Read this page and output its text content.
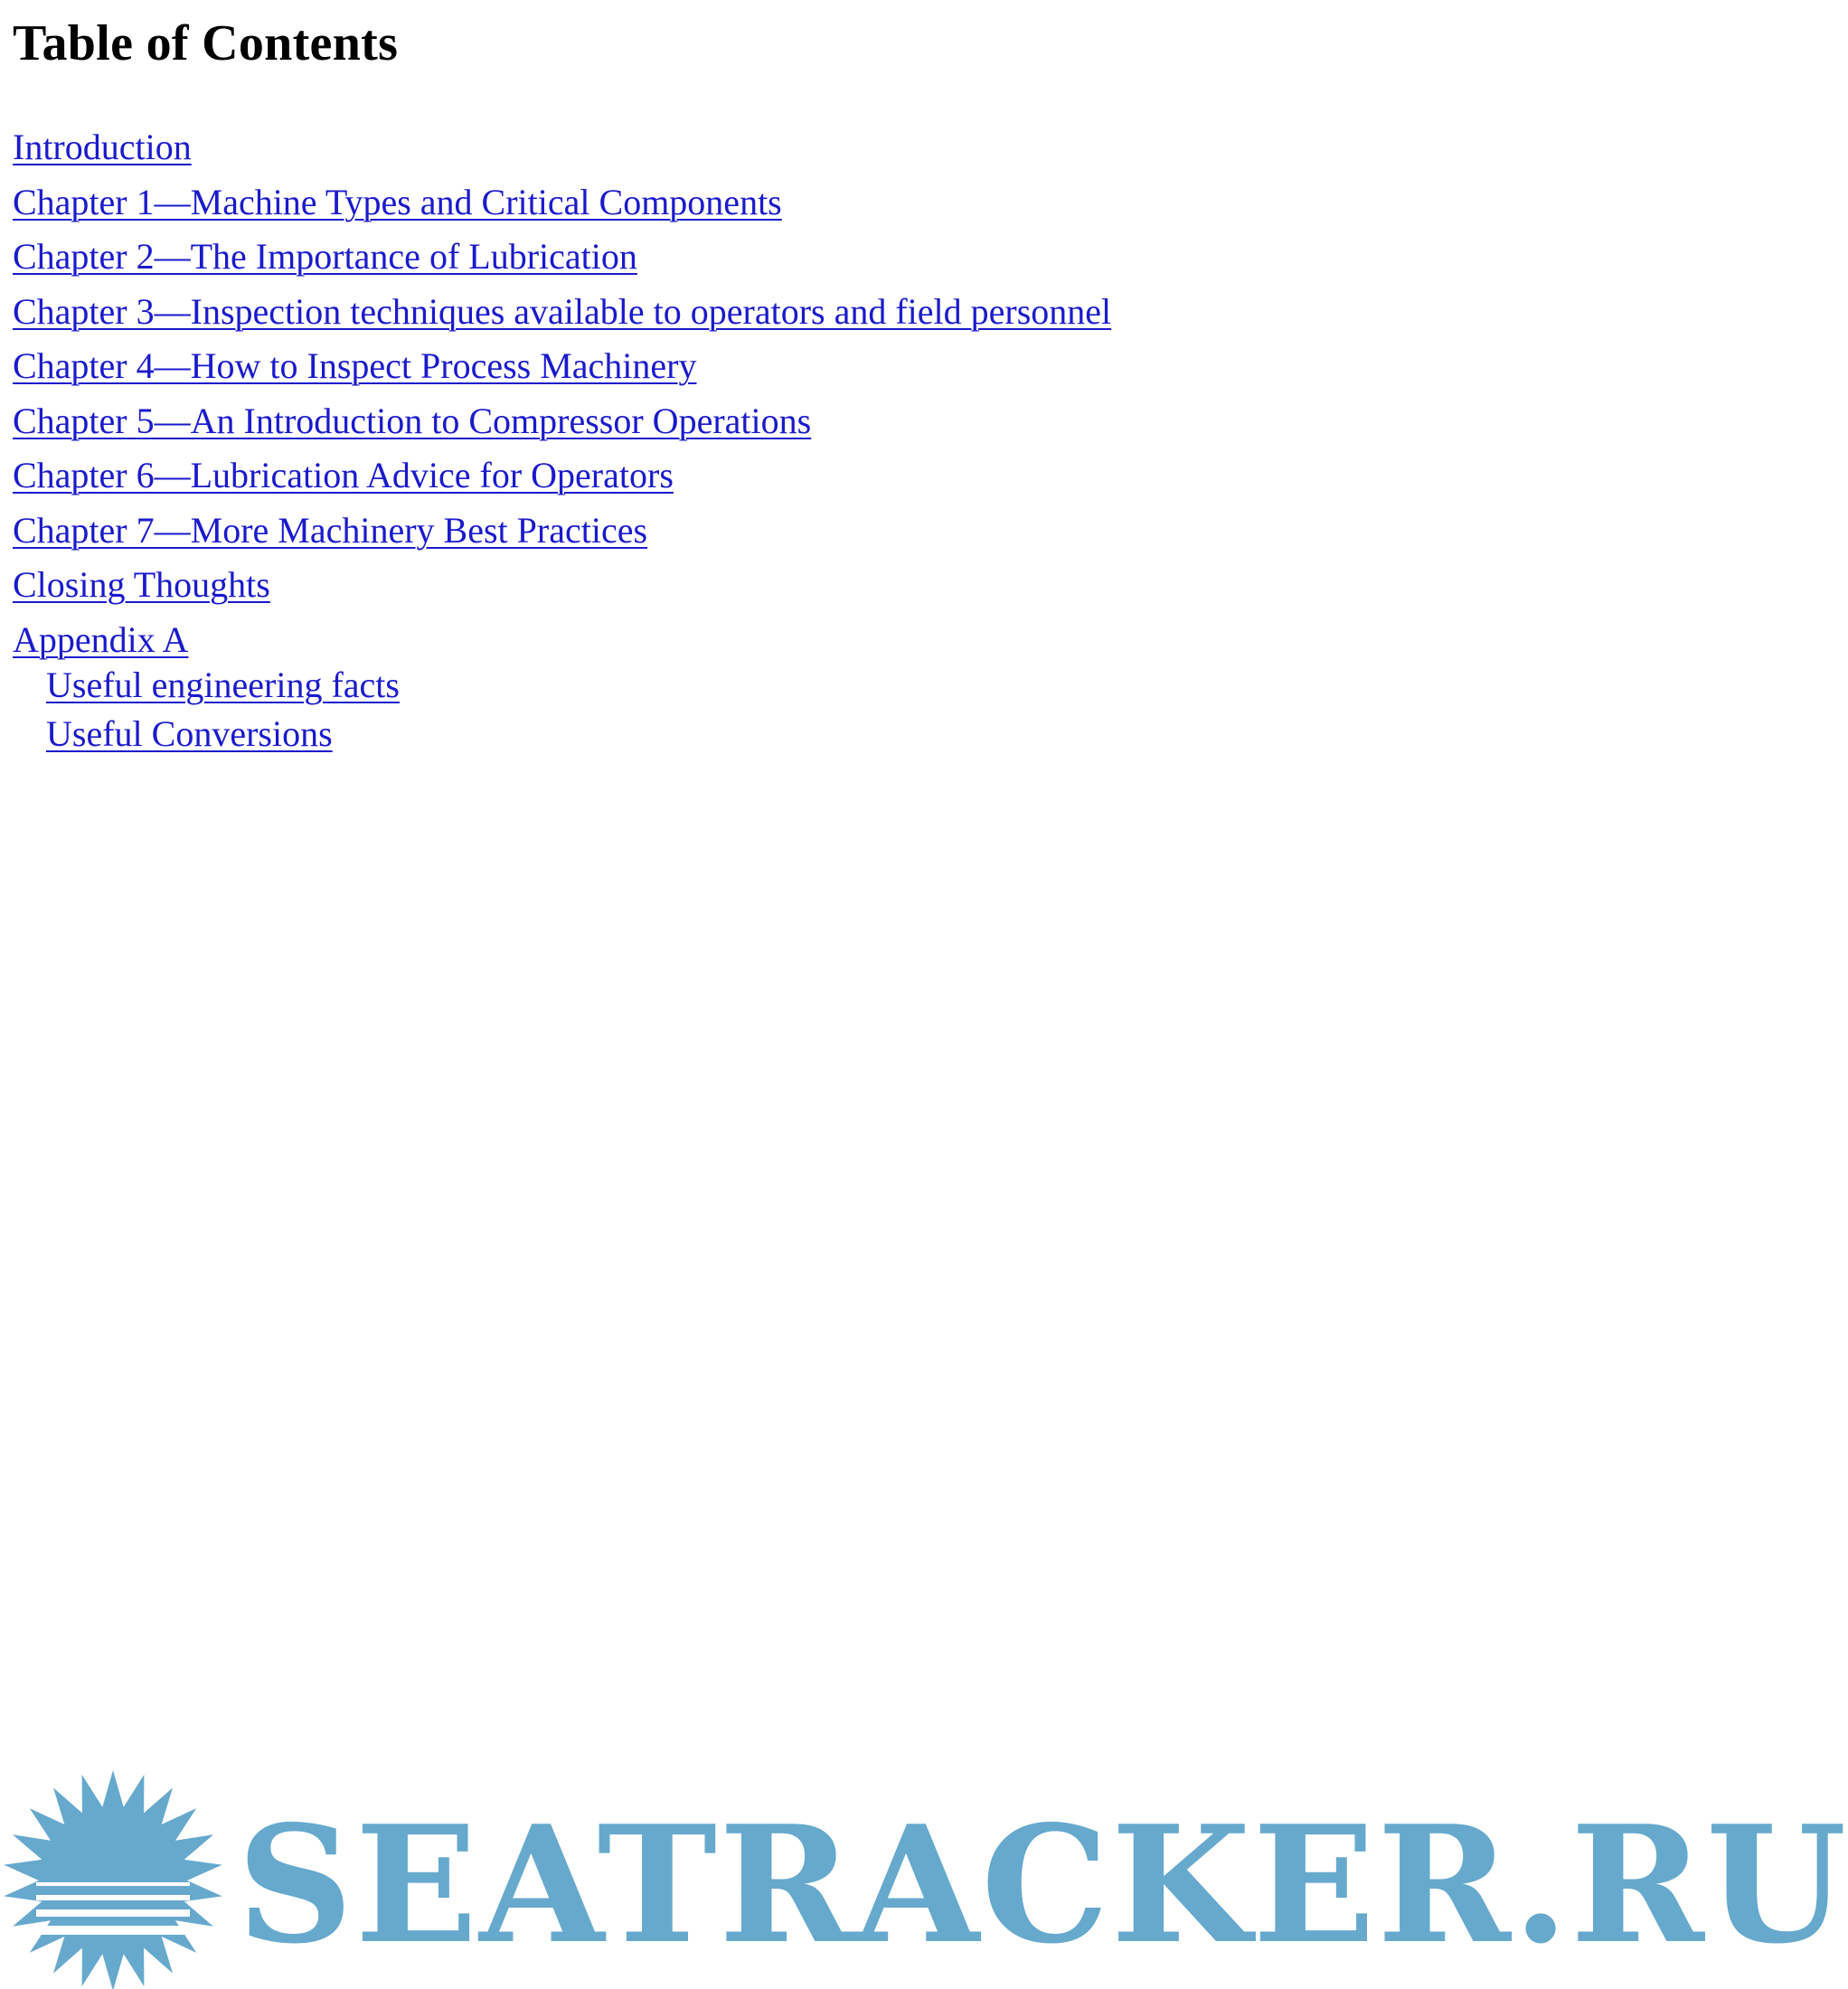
Table of Contents
Introduction
Chapter 1—Machine Types and Critical Components
Chapter 2—The Importance of Lubrication
Chapter 3—Inspection techniques available to operators and field personnel
Chapter 4—How to Inspect Process Machinery
Chapter 5—An Introduction to Compressor Operations
Chapter 6—Lubrication Advice for Operators
Chapter 7—More Machinery Best Practices
Closing Thoughts
Appendix A
Useful engineering facts
Useful Conversions
SEATRACKER.RU
